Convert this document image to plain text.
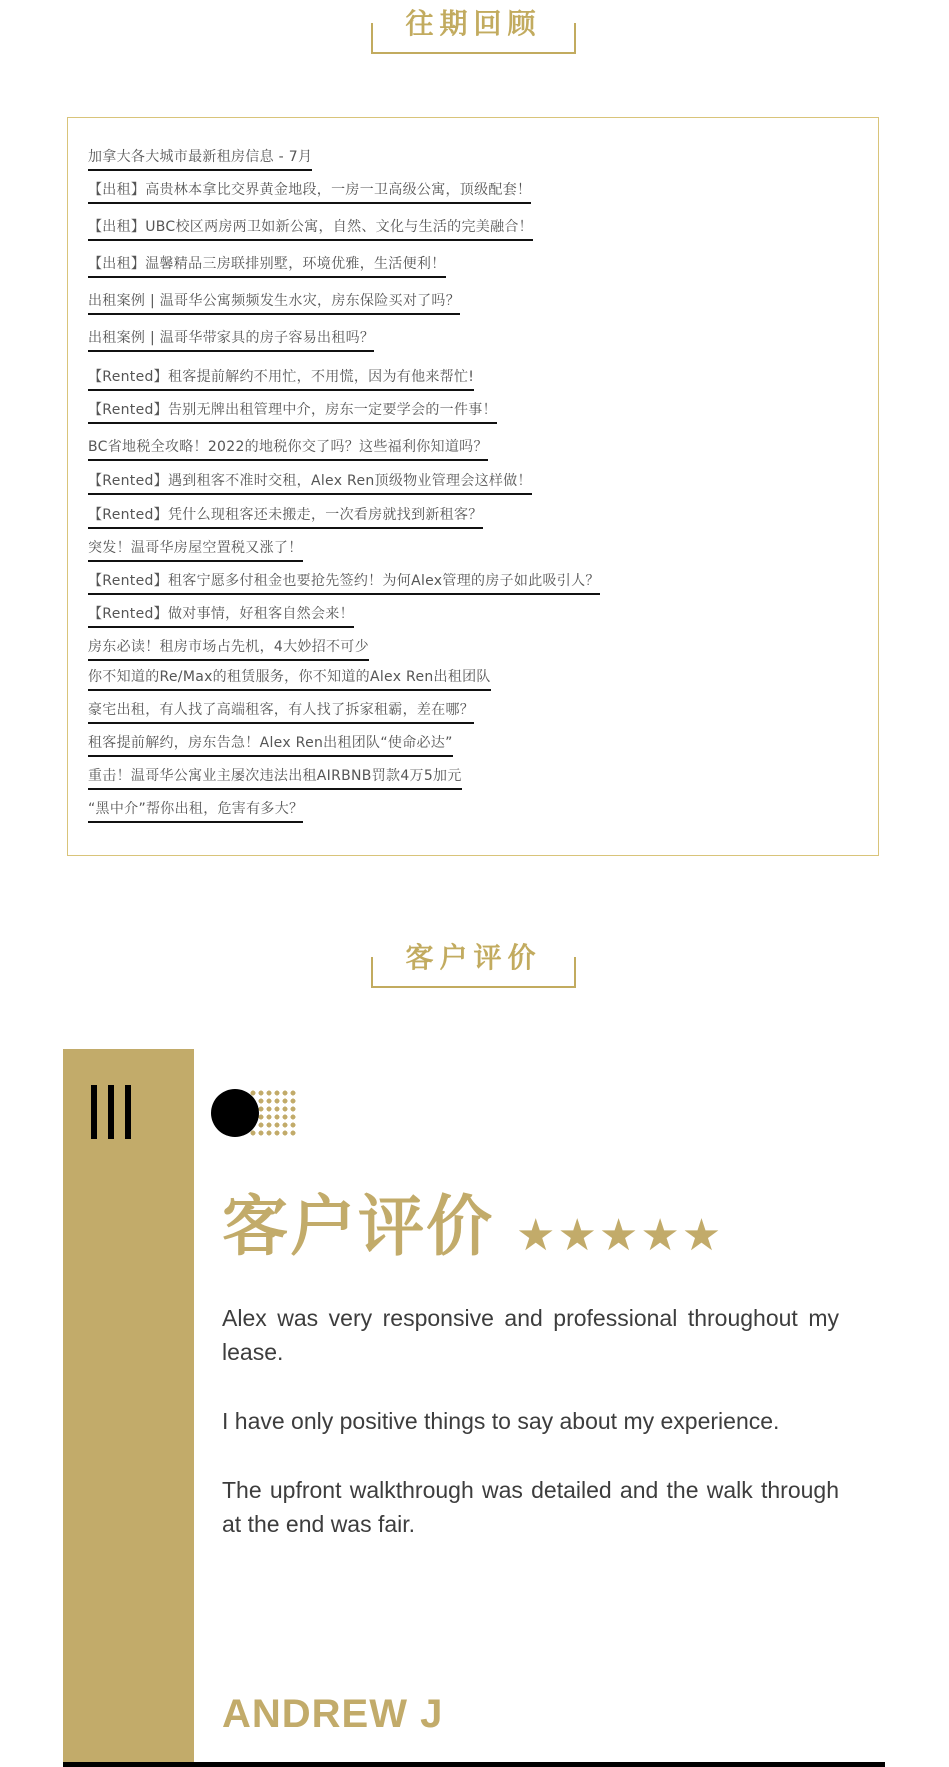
往期回顾
加拿大各大城市最新租房信息 - 7月
【出租】高贵林本拿比交界黄金地段，一房一卫高级公寓，顶级配套！
【出租】UBC校区两房两卫如新公寓，自然、文化与生活的完美融合！
【出租】温馨精品三房联排别墅，环境优雅，生活便利！
出租案例 | 温哥华公寓频频发生水灾，房东保险买对了吗？
出租案例 | 温哥华带家具的房子容易出租吗？
【Rented】租客提前解约不用忙，不用慌，因为有他来帮忙!
【Rented】告别无牌出租管理中介，房东一定要学会的一件事！
BC省地税全攻略！2022的地税你交了吗？这些福利你知道吗？
【Rented】遇到租客不准时交租，Alex Ren顶级物业管理会这样做！
【Rented】凭什么现租客还未搬走，一次看房就找到新租客？
突发！温哥华房屋空置税又涨了！
【Rented】租客宁愿多付租金也要抢先签约！为何Alex管理的房子如此吸引人？
【Rented】做对事情，好租客自然会来！
房东必读！租房市场占先机，4大妙招不可少
你不知道的Re/Max的租赁服务，你不知道的Alex Ren出租团队
豪宅出租，有人找了高端租客，有人找了拆家租霸，差在哪？
租客提前解约，房东告急！Alex Ren出租团队“使命必达”
重击！温哥华公寓业主屡次违法出租AIRBNB罚款4万5加元
“黑中介”帮你出租，危害有多大？
客户评价
客户评价 ★★★★★

Alex was very responsive and professional throughout my lease.

I have only positive things to say about my experience.

The upfront walkthrough was detailed and the walk through at the end was fair.

ANDREW J
